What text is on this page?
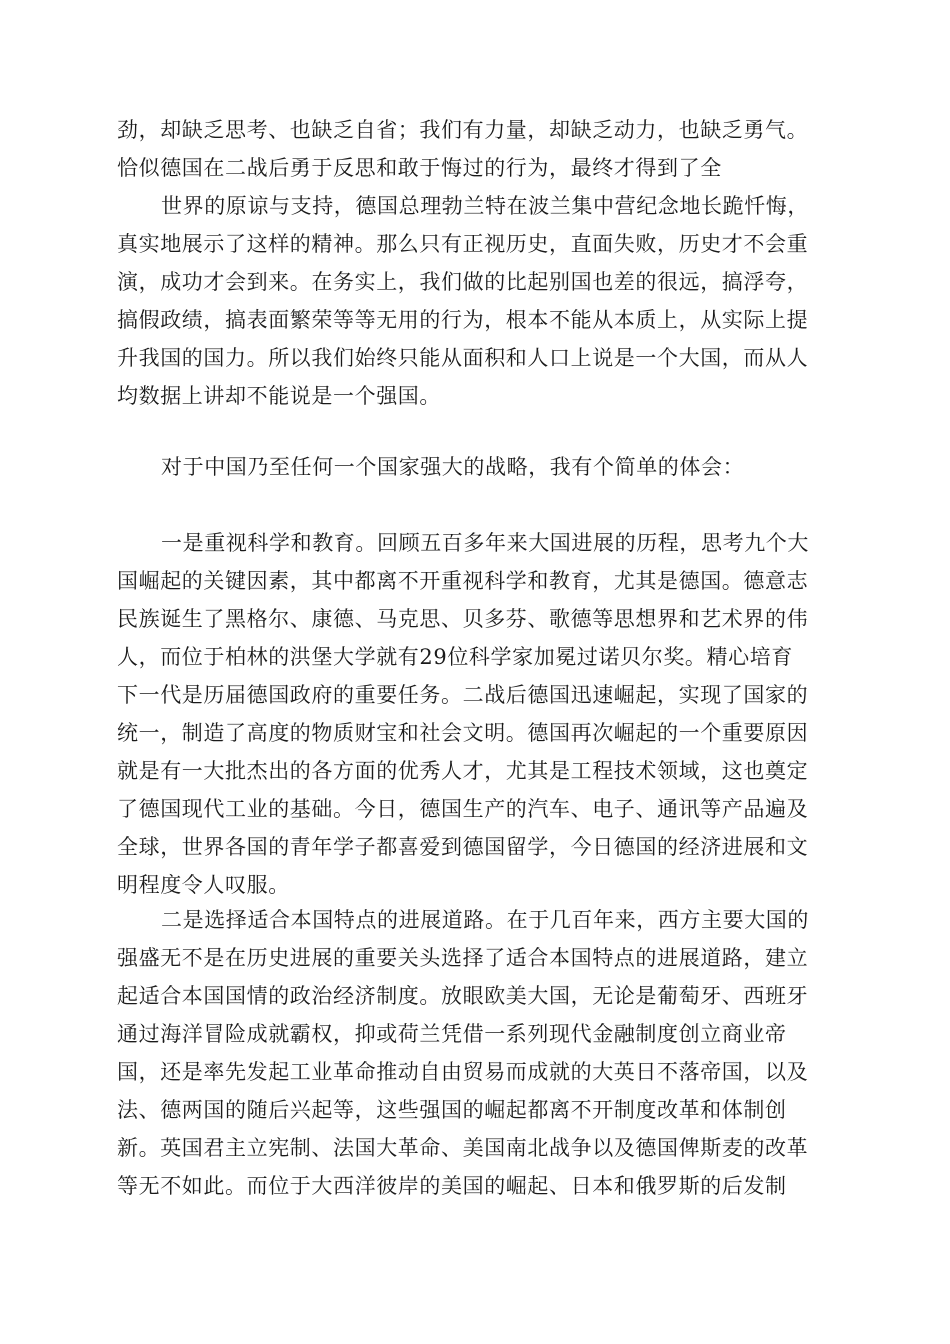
劲，却缺乏思考、也缺乏自省；我们有力量，却缺乏动力，也缺乏勇气。
恰似德国在二战后勇于反思和敢于悔过的行为，最终才得到了全
世界的原谅与支持，德国总理勃兰特在波兰集中营纪念地长跪忏悔，
真实地展示了这样的精神。那么只有正视历史，直面失败，历史才不会重
演，成功才会到来。在务实上，我们做的比起别国也差的很远，搞浮夸，
搞假政绩，搞表面繁荣等等无用的行为，根本不能从本质上，从实际上提
升我国的国力。所以我们始终只能从面积和人口上说是一个大国，而从人
均数据上讲却不能说是一个强国。
对于中国乃至任何一个国家强大的战略，我有个简单的体会：
一是重视科学和教育。回顾五百多年来大国进展的历程，思考九个大
国崛起的关键因素，其中都离不开重视科学和教育，尤其是德国。德意志
民族诞生了黑格尔、康德、马克思、贝多芬、歌德等思想界和艺术界的伟
人，而位于柏林的洪堡大学就有29位科学家加冕过诺贝尔奖。精心培育
下一代是历届德国政府的重要任务。二战后德国迅速崛起，实现了国家的
统一，制造了高度的物质财宝和社会文明。德国再次崛起的一个重要原因
就是有一大批杰出的各方面的优秀人才，尤其是工程技术领域，这也奠定
了德国现代工业的基础。今日，德国生产的汽车、电子、通讯等产品遍及
全球，世界各国的青年学子都喜爱到德国留学，今日德国的经济进展和文
明程度令人叹服。
二是选择适合本国特点的进展道路。在于几百年来，西方主要大国的
强盛无不是在历史进展的重要关头选择了适合本国特点的进展道路，建立
起适合本国国情的政治经济制度。放眼欧美大国，无论是葡萄牙、西班牙
通过海洋冒险成就霸权，抑或荷兰凭借一系列现代金融制度创立商业帝
国，还是率先发起工业革命推动自由贸易而成就的大英日不落帝国，以及
法、德两国的随后兴起等，这些强国的崛起都离不开制度改革和体制创
新。英国君主立宪制、法国大革命、美国南北战争以及德国俾斯麦的改革
等无不如此。而位于大西洋彼岸的美国的崛起、日本和俄罗斯的后发制
